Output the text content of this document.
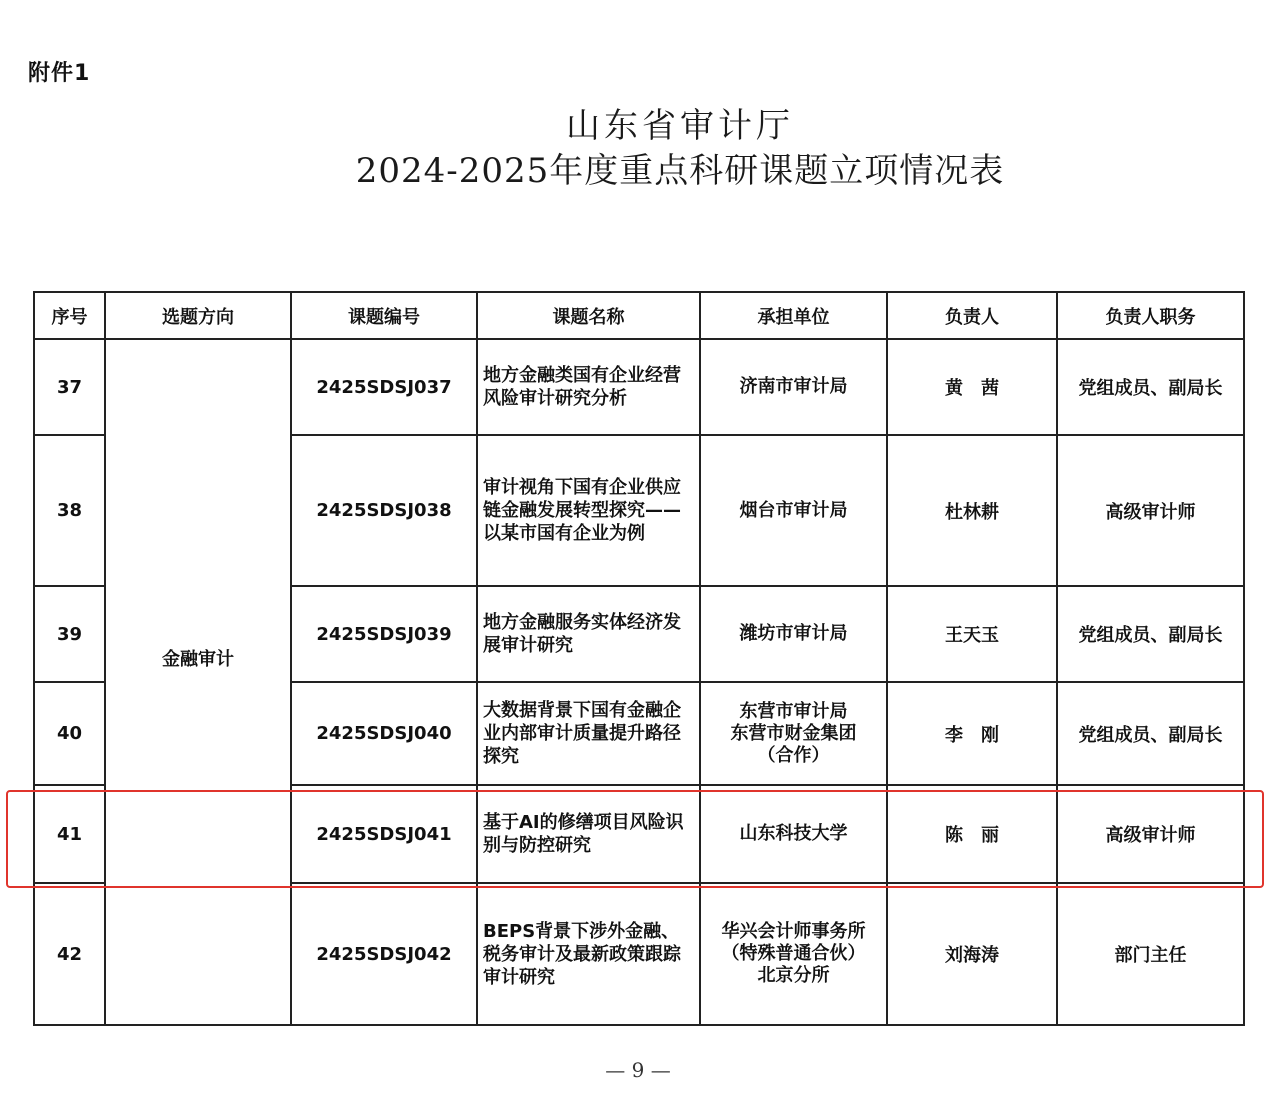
附件1
山东省审计厅
2024-2025年度重点科研课题立项情况表
序号	选题方向	课题编号	课题名称	承担单位	负责人	负责人职务
37	金融审计	2425SDSJ037	地方金融类国有企业经营风险审计研究分析	济南市审计局	黄　茜	党组成员、副局长
38		2425SDSJ038	审计视角下国有企业供应链金融发展转型探究——以某市国有企业为例	烟台市审计局	杜林耕	高级审计师
39		2425SDSJ039	地方金融服务实体经济发展审计研究	潍坊市审计局	王天玉	党组成员、副局长
40		2425SDSJ040	大数据背景下国有金融企业内部审计质量提升路径探究	东营市审计局
东营市财金集团
（合作）	李　刚	党组成员、副局长
41		2425SDSJ041	基于AI的修缮项目风险识别与防控研究	山东科技大学	陈　丽	高级审计师
42		2425SDSJ042	BEPS背景下涉外金融、税务审计及最新政策跟踪审计研究	华兴会计师事务所
（特殊普通合伙）
北京分所	刘海涛	部门主任
— 9 —
